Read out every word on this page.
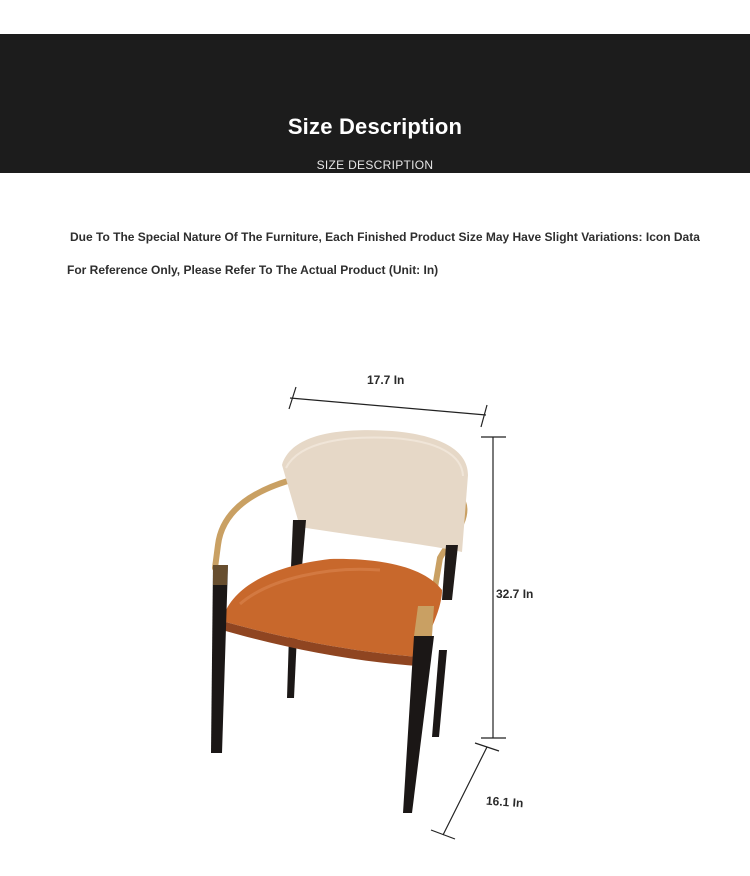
Size Description
SIZE DESCRIPTION
Due To The Special Nature Of The Furniture, Each Finished Product Size May Have Slight Variations: Icon Data
For Reference Only, Please Refer To The Actual Product (Unit: In)
17.7 In
32.7 In
16.1 In
